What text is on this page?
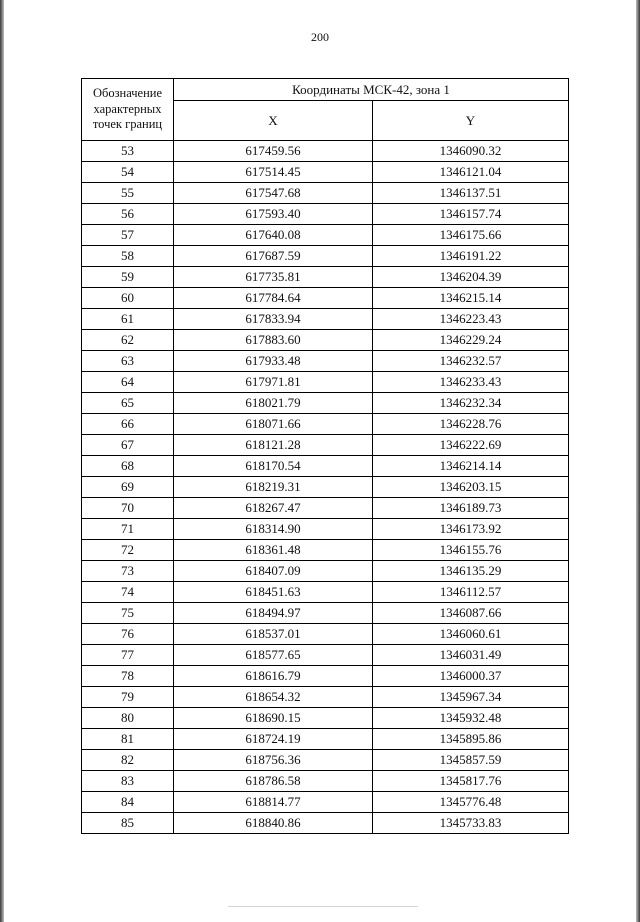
200
Обозначение
характерных
точек границ	Координаты МСК-42, зона 1	
	X	Y
53	617459.56	1346090.32
54	617514.45	1346121.04
55	617547.68	1346137.51
56	617593.40	1346157.74
57	617640.08	1346175.66
58	617687.59	1346191.22
59	617735.81	1346204.39
60	617784.64	1346215.14
61	617833.94	1346223.43
62	617883.60	1346229.24
63	617933.48	1346232.57
64	617971.81	1346233.43
65	618021.79	1346232.34
66	618071.66	1346228.76
67	618121.28	1346222.69
68	618170.54	1346214.14
69	618219.31	1346203.15
70	618267.47	1346189.73
71	618314.90	1346173.92
72	618361.48	1346155.76
73	618407.09	1346135.29
74	618451.63	1346112.57
75	618494.97	1346087.66
76	618537.01	1346060.61
77	618577.65	1346031.49
78	618616.79	1346000.37
79	618654.32	1345967.34
80	618690.15	1345932.48
81	618724.19	1345895.86
82	618756.36	1345857.59
83	618786.58	1345817.76
84	618814.77	1345776.48
85	618840.86	1345733.83
